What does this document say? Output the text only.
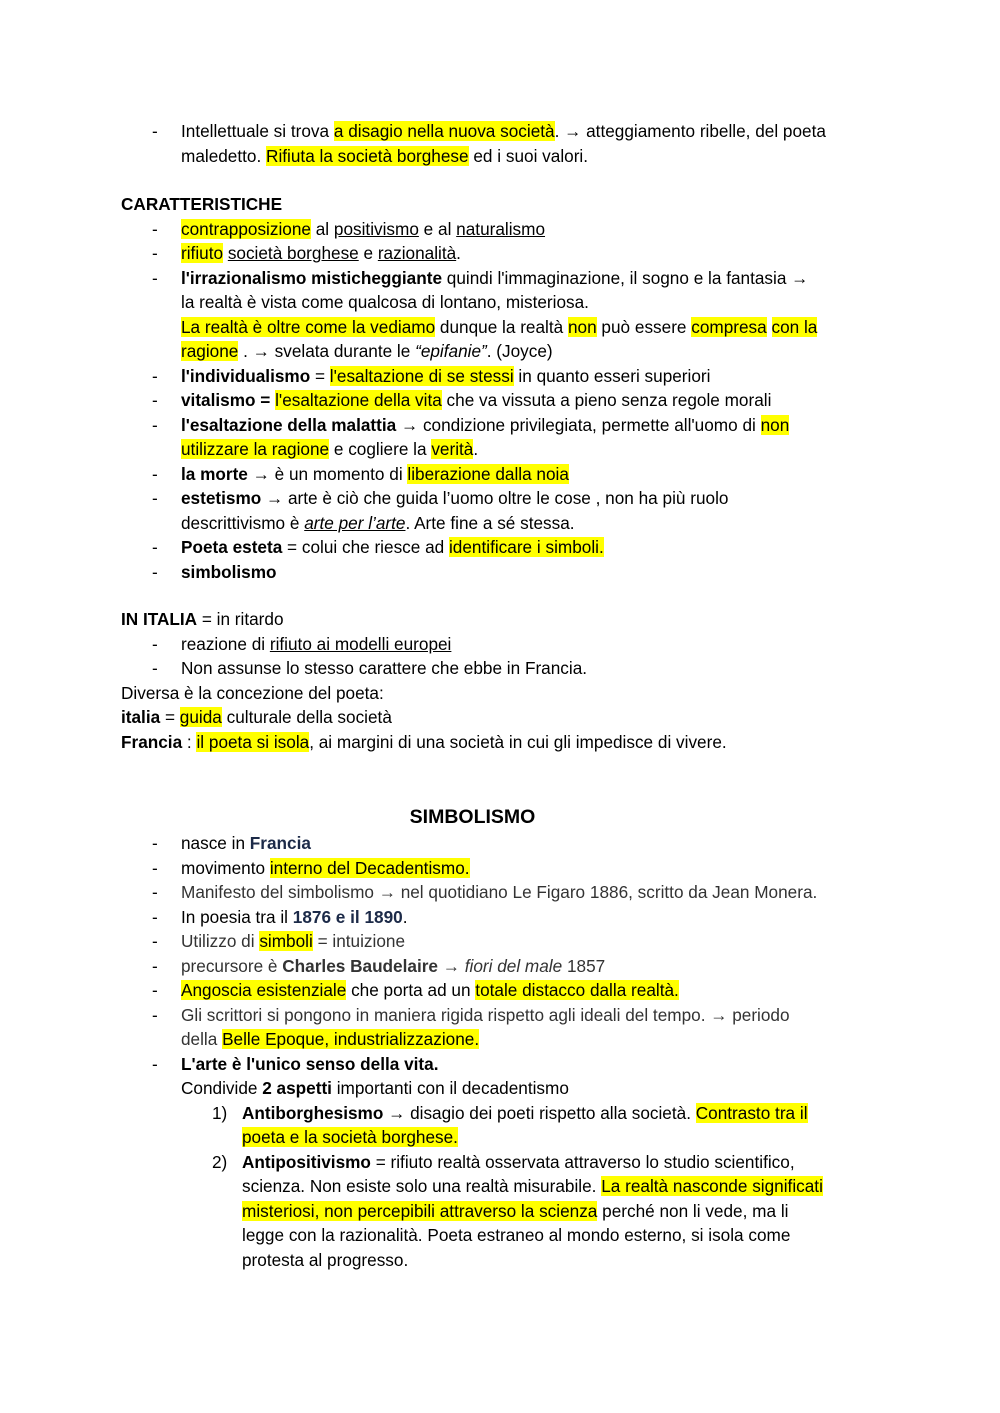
- Intellettuale si trova a disagio nella nuova società. → atteggiamento ribelle, del poeta
maledetto. Rifiuta la società borghese ed i suoi valori.
CARATTERISTICHE
- contrapposizione al positivismo e al naturalismo
- rifiuto società borghese e razionalità.
- l'irrazionalismo misticheggiante quindi l'immaginazione, il sogno e la fantasia →
la realtà è vista come qualcosa di lontano, misteriosa.
La realtà è oltre come la vediamo dunque la realtà non può essere compresa con la
ragione . → svelata durante le “epifanie”. (Joyce)
- l'individualismo = l'esaltazione di se stessi in quanto esseri superiori
- vitalismo = l'esaltazione della vita che va vissuta a pieno senza regole morali
- l'esaltazione della malattia → condizione privilegiata, permette all'uomo di non
utilizzare la ragione e cogliere la verità.
- la morte → è un momento di liberazione dalla noia
- estetismo → arte è ciò che guida l’uomo oltre le cose , non ha più ruolo
descrittivismo è arte per l’arte. Arte fine a sé stessa.
- Poeta esteta = colui che riesce ad identificare i simboli.
- simbolismo
IN ITALIA = in ritardo
- reazione di rifiuto ai modelli europei
- Non assunse lo stesso carattere che ebbe in Francia.
Diversa è la concezione del poeta:
italia = guida culturale della società
Francia : il poeta si isola, ai margini di una società in cui gli impedisce di vivere.
SIMBOLISMO
- nasce in Francia
- movimento interno del Decadentismo.
- Manifesto del simbolismo → nel quotidiano Le Figaro 1886, scritto da Jean Monera.
- In poesia tra il 1876 e il 1890.
- Utilizzo di simboli = intuizione
- precursore è Charles Baudelaire → fiori del male 1857
- Angoscia esistenziale che porta ad un totale distacco dalla realtà.
- Gli scrittori si pongono in maniera rigida rispetto agli ideali del tempo. → periodo
della Belle Epoque, industrializzazione.
- L'arte è l'unico senso della vita.
Condivide 2 aspetti importanti con il decadentismo
1) Antiborghesismo → disagio dei poeti rispetto alla società. Contrasto tra il
poeta e la società borghese.
2) Antipositivismo = rifiuto realtà osservata attraverso lo studio scientifico,
scienza. Non esiste solo una realtà misurabile. La realtà nasconde significati
misteriosi, non percepibili attraverso la scienza perché non li vede, ma li
legge con la razionalità. Poeta estraneo al mondo esterno, si isola come
protesta al progresso.
